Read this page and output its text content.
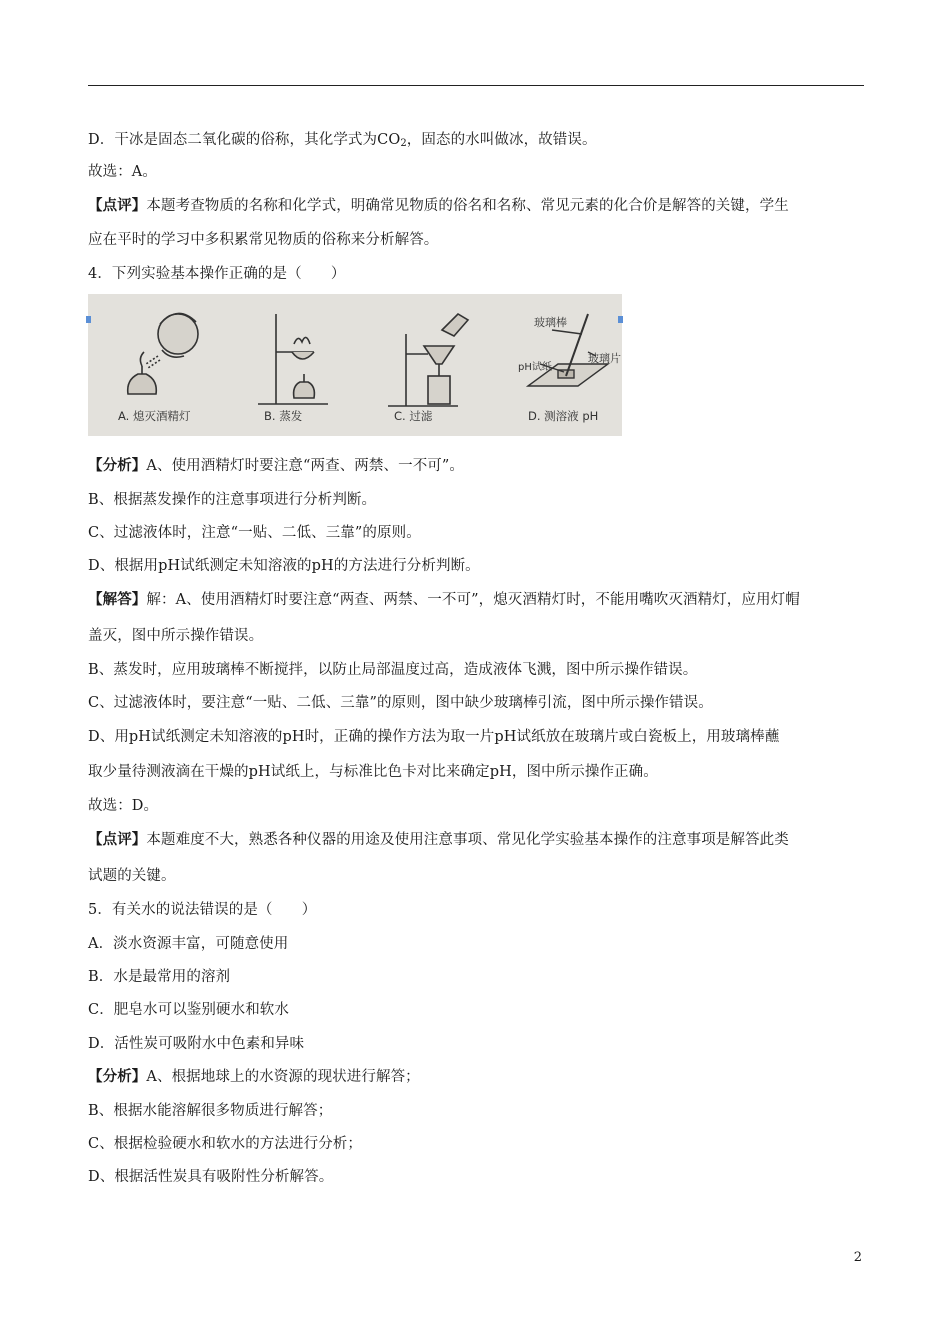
D．干冰是固态二氧化碳的俗称，其化学式为$CO_2$，固态的水叫做冰，故错误。
故选：A。
【点评】本题考查物质的名称和化学式，明确常见物质的俗名和名称、常见元素的化合价是解答的关键，学生
应在平时的学习中多积累常见物质的俗称来分析解答。
4．下列实验基本操作正确的是（　　）
玻璃棒
玻璃片
pH试纸
A. 熄灭酒精灯	B. 蒸发	C. 过滤	D. 测溶液 pH
【分析】A、使用酒精灯时要注意“两查、两禁、一不可”。
B、根据蒸发操作的注意事项进行分析判断。
C、过滤液体时，注意“一贴、二低、三靠”的原则。
D、根据用pH试纸测定未知溶液的pH的方法进行分析判断。
【解答】解：A、使用酒精灯时要注意“两查、两禁、一不可”，熄灭酒精灯时，不能用嘴吹灭酒精灯，应用灯帽
盖灭，图中所示操作错误。
B、蒸发时，应用玻璃棒不断搅拌，以防止局部温度过高，造成液体飞溅，图中所示操作错误。
C、过滤液体时，要注意“一贴、二低、三靠”的原则，图中缺少玻璃棒引流，图中所示操作错误。
D、用pH试纸测定未知溶液的pH时，正确的操作方法为取一片pH试纸放在玻璃片或白瓷板上，用玻璃棒蘸
取少量待测液滴在干燥的pH试纸上，与标准比色卡对比来确定pH，图中所示操作正确。
故选：D。
【点评】本题难度不大，熟悉各种仪器的用途及使用注意事项、常见化学实验基本操作的注意事项是解答此类
试题的关键。
5．有关水的说法错误的是（　　）
A．淡水资源丰富，可随意使用
B．水是最常用的溶剂
C．肥皂水可以鉴别硬水和软水
D．活性炭可吸附水中色素和异味
【分析】A、根据地球上的水资源的现状进行解答；
B、根据水能溶解很多物质进行解答；
C、根据检验硬水和软水的方法进行分析；
D、根据活性炭具有吸附性分析解答。
2
